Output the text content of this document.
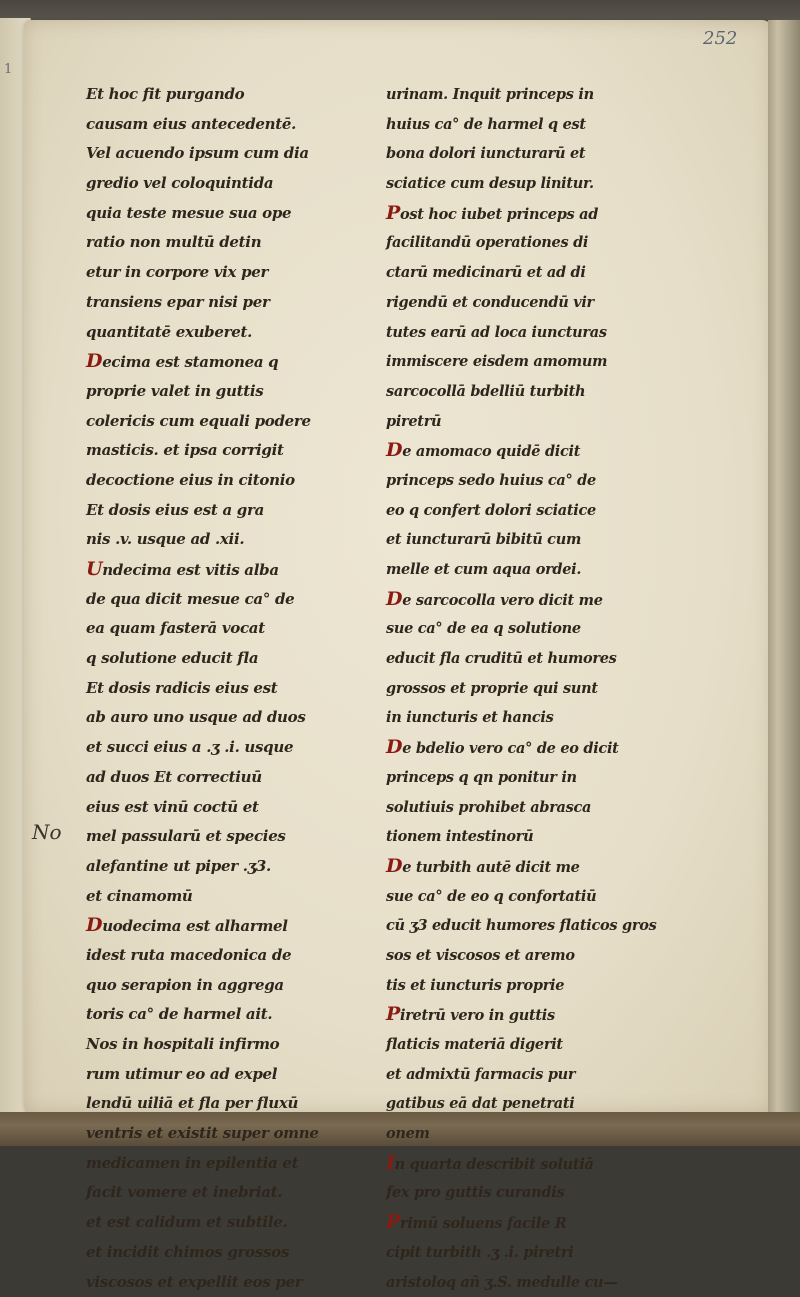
1
252
No
Et hoc fit purgando
causam eius antecedentē.
Vel acuendo ipsum cum dia
gredio vel coloquintida
quia teste mesue sua ope
ratio non multū detin
etur in corpore vix per
transiens epar nisi per
quantitatē exuberet.
Decima est stamonea q
proprie valet in guttis
colericis cum equali podere
masticis. et ipsa corrigit
decoctione eius in citonio
Et dosis eius est a gra
nis .v. usque ad .xii.
Undecima est vitis alba
de qua dicit mesue ca° de
ea quam fasterā vocat
q solutione educit fla
Et dosis radicis eius est
ab auro uno usque ad duos
et succi eius a .ʒ .i. usque
ad duos Et correctiuū
eius est vinū coctū et
mel passularū et species
alefantine ut piper .ʒ3.
et cinamomū
Duodecima est alharmel
idest ruta macedonica de
quo serapion in aggrega
toris ca° de harmel ait.
Nos in hospitali infirmo
rum utimur eo ad expel
lendū uiliā et fla per fluxū
ventris et existit super omne
medicamen in epilentia et
facit vomere et inebriat.
et est calidum et subtile.
et incidit chimos grossos
viscosos et expellit eos per
urinam. Inquit princeps in
huius ca° de harmel q est
bona dolori iuncturarū et
sciatice cum desup linitur.
Post hoc iubet princeps ad
facilitandū operationes di
ctarū medicinarū et ad di
rigendū et conducendū vir
tutes earū ad loca iuncturas
immiscere eisdem amomum
sarcocollā bdelliū turbith
piretrū
De amomaco quidē dicit
princeps sedo huius ca° de
eo q confert dolori sciatice
et iuncturarū bibitū cum
melle et cum aqua ordei.
De sarcocolla vero dicit me
sue ca° de ea q solutione
educit fla cruditū et humores
grossos et proprie qui sunt
in iuncturis et hancis
De bdelio vero ca° de eo dicit
princeps q qn ponitur in
solutiuis prohibet abrasca
tionem intestinorū
De turbith autē dicit me
sue ca° de eo q confortatiū
cū ʒ3 educit humores flaticos gros
sos et viscosos et aremo
tis et iuncturis proprie
Piretrū vero in guttis
flaticis materiā digerit
et admixtū farmacis pur
gatibus eā dat penetrati
onem
In quarta describit solutiā
fex pro guttis curandis
Primū soluens facile R
cipit turbith .ʒ .i. piretri
aristoloq añ ʒ.S. medulle cu—
